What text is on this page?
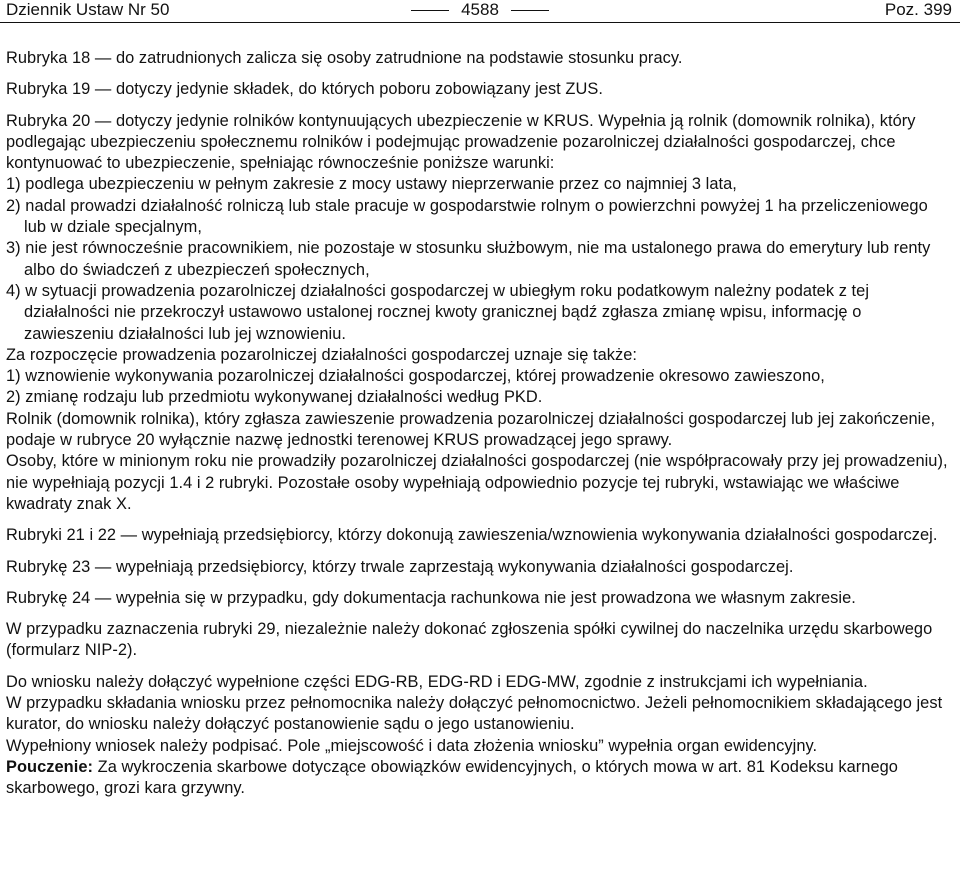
Dziennik Ustaw Nr 50	4588	Poz. 399

Rubryka 18 — do zatrudnionych zalicza się osoby zatrudnione na podstawie stosunku pracy.

Rubryka 19 — dotyczy jedynie składek, do których poboru zobowiązany jest ZUS.

Rubryka 20 — dotyczy jedynie rolników kontynuujących ubezpieczenie w KRUS. Wypełnia ją rolnik (domownik rolnika), który podlegając ubezpieczeniu społecznemu rolników i podejmując prowadzenie pozarolniczej działalności gospodarczej, chce kontynuować to ubezpieczenie, spełniając równocześnie poniższe warunki:

1) podlega ubezpieczeniu w pełnym zakresie z mocy ustawy nieprzerwanie przez co najmniej 3 lata,

2) nadal prowadzi działalność rolniczą lub stale pracuje w gospodarstwie rolnym o powierzchni powyżej 1 ha przeliczeniowego lub w dziale specjalnym,

3) nie jest równocześnie pracownikiem, nie pozostaje w stosunku służbowym, nie ma ustalonego prawa do emerytury lub renty albo do świadczeń z ubezpieczeń społecznych,

4) w sytuacji prowadzenia pozarolniczej działalności gospodarczej w ubiegłym roku podatkowym należny podatek z tej działalności nie przekroczył ustawowo ustalonej rocznej kwoty granicznej bądź zgłasza zmianę wpisu, informację o zawieszeniu działalności lub jej wznowieniu.

Za rozpoczęcie prowadzenia pozarolniczej działalności gospodarczej uznaje się także:

1) wznowienie wykonywania pozarolniczej działalności gospodarczej, której prowadzenie okresowo zawieszono,

2) zmianę rodzaju lub przedmiotu wykonywanej działalności według PKD.

Rolnik (domownik rolnika), który zgłasza zawieszenie prowadzenia pozarolniczej działalności gospodarczej lub jej zakończenie, podaje w rubryce 20 wyłącznie nazwę jednostki terenowej KRUS prowadzącej jego sprawy.

Osoby, które w minionym roku nie prowadziły pozarolniczej działalności gospodarczej (nie współpracowały przy jej prowadzeniu), nie wypełniają pozycji 1.4 i 2 rubryki. Pozostałe osoby wypełniają odpowiednio pozycje tej rubryki, wstawiając we właściwe kwadraty znak X.

Rubryki 21 i 22 — wypełniają przedsiębiorcy, którzy dokonują zawieszenia/wznowienia wykonywania działalności gospodarczej.

Rubrykę 23 — wypełniają przedsiębiorcy, którzy trwale zaprzestają wykonywania działalności gospodarczej.

Rubrykę 24 — wypełnia się w przypadku, gdy dokumentacja rachunkowa nie jest prowadzona we własnym zakresie.

W przypadku zaznaczenia rubryki 29, niezależnie należy dokonać zgłoszenia spółki cywilnej do naczelnika urzędu skarbowego (formularz NIP-2).

Do wniosku należy dołączyć wypełnione części EDG-RB, EDG-RD i EDG-MW, zgodnie z instrukcjami ich wypełniania.

W przypadku składania wniosku przez pełnomocnika należy dołączyć pełnomocnictwo. Jeżeli pełnomocnikiem składającego jest kurator, do wniosku należy dołączyć postanowienie sądu o jego ustanowieniu.

Wypełniony wniosek należy podpisać. Pole „miejscowość i data złożenia wniosku” wypełnia organ ewidencyjny.

Pouczenie: Za wykroczenia skarbowe dotyczące obowiązków ewidencyjnych, o których mowa w art. 81 Kodeksu karnego skarbowego, grozi kara grzywny.
